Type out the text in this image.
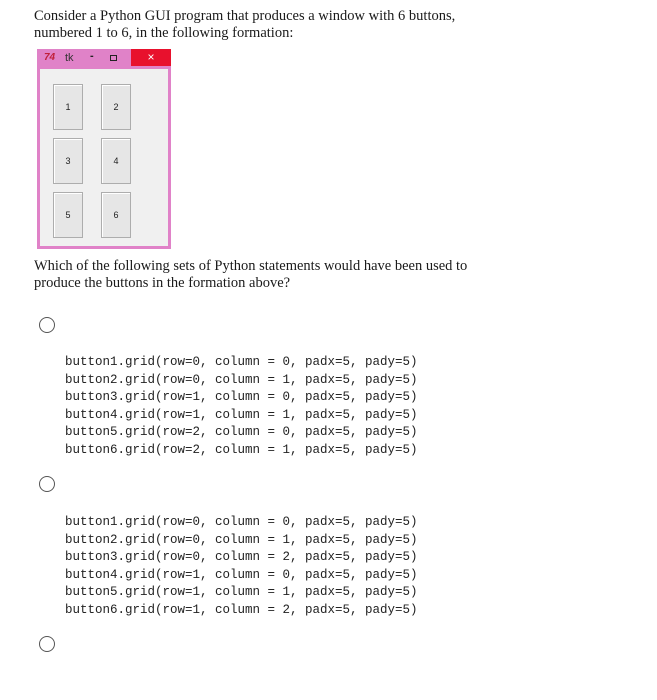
Consider a Python GUI program that produces a window with 6 buttons,
numbered 1 to 6, in the following formation:
74 tk -	×
1	2
3	4
5	6
Which of the following sets of Python statements would have been used to
produce the buttons in the formation above?
button1.grid(row=0, column = 0, padx=5, pady=5)
button2.grid(row=0, column = 1, padx=5, pady=5)
button3.grid(row=1, column = 0, padx=5, pady=5)
button4.grid(row=1, column = 1, padx=5, pady=5)
button5.grid(row=2, column = 0, padx=5, pady=5)
button6.grid(row=2, column = 1, padx=5, pady=5)
button1.grid(row=0, column = 0, padx=5, pady=5)
button2.grid(row=0, column = 1, padx=5, pady=5)
button3.grid(row=0, column = 2, padx=5, pady=5)
button4.grid(row=1, column = 0, padx=5, pady=5)
button5.grid(row=1, column = 1, padx=5, pady=5)
button6.grid(row=1, column = 2, padx=5, pady=5)
